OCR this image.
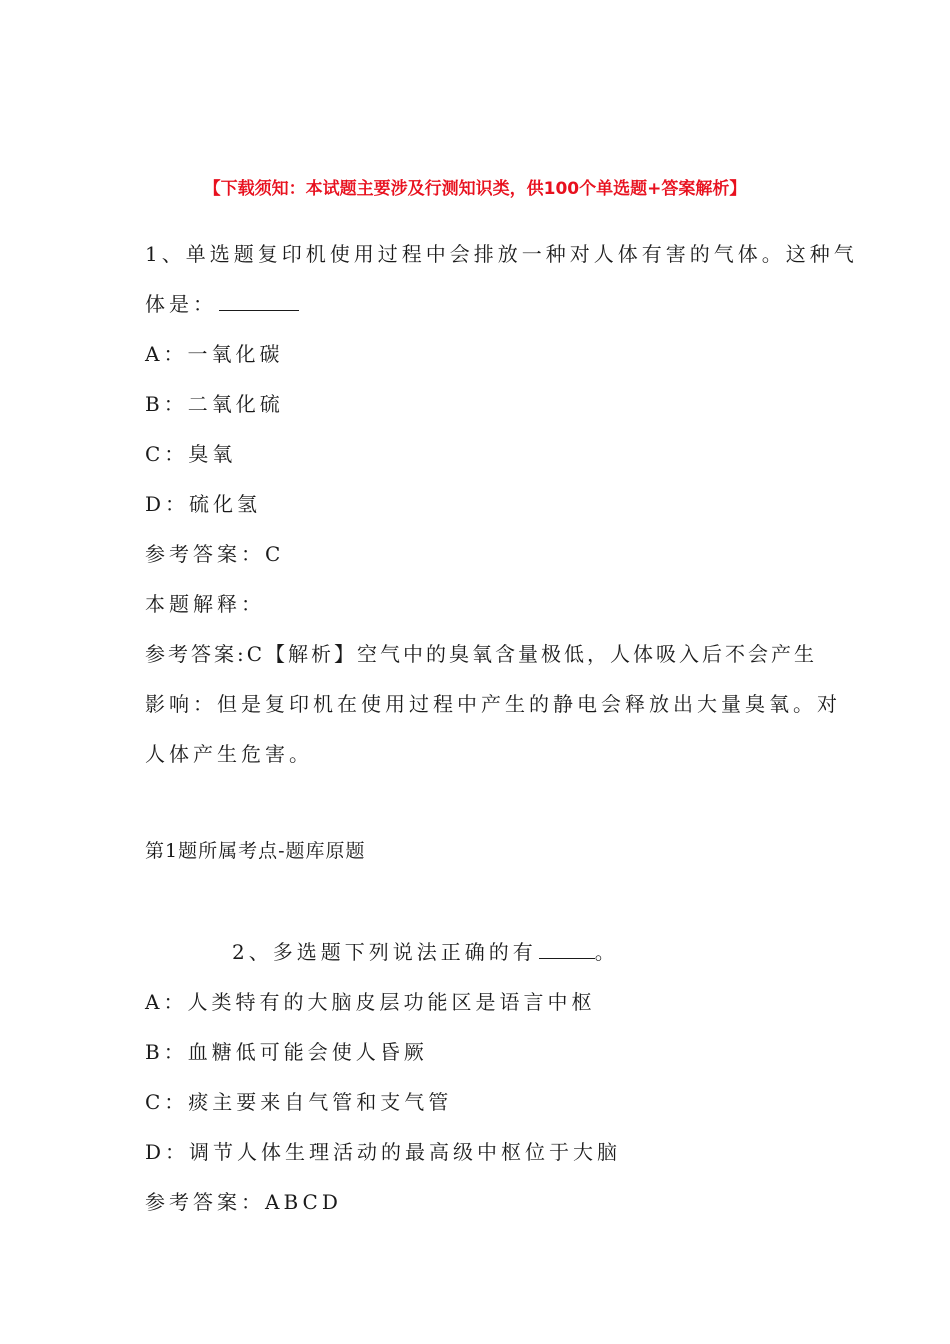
【下载须知：本试题主要涉及行测知识类，供100个单选题+答案解析】
1、单选题复印机使用过程中会排放一种对人体有害的气体。这种气
体是：
A：一氧化碳
B：二氧化硫
C：臭氧
D：硫化氢
参考答案：C
本题解释：
参考答案:C【解析】空气中的臭氧含量极低，人体吸入后不会产生
影响：但是复印机在使用过程中产生的静电会释放出大量臭氧。对
人体产生危害。
第1题所属考点-题库原题
2、多选题下列说法正确的有	。
A：人类特有的大脑皮层功能区是语言中枢
B：血糖低可能会使人昏厥
C：痰主要来自气管和支气管
D：调节人体生理活动的最高级中枢位于大脑
参考答案：ABCD
